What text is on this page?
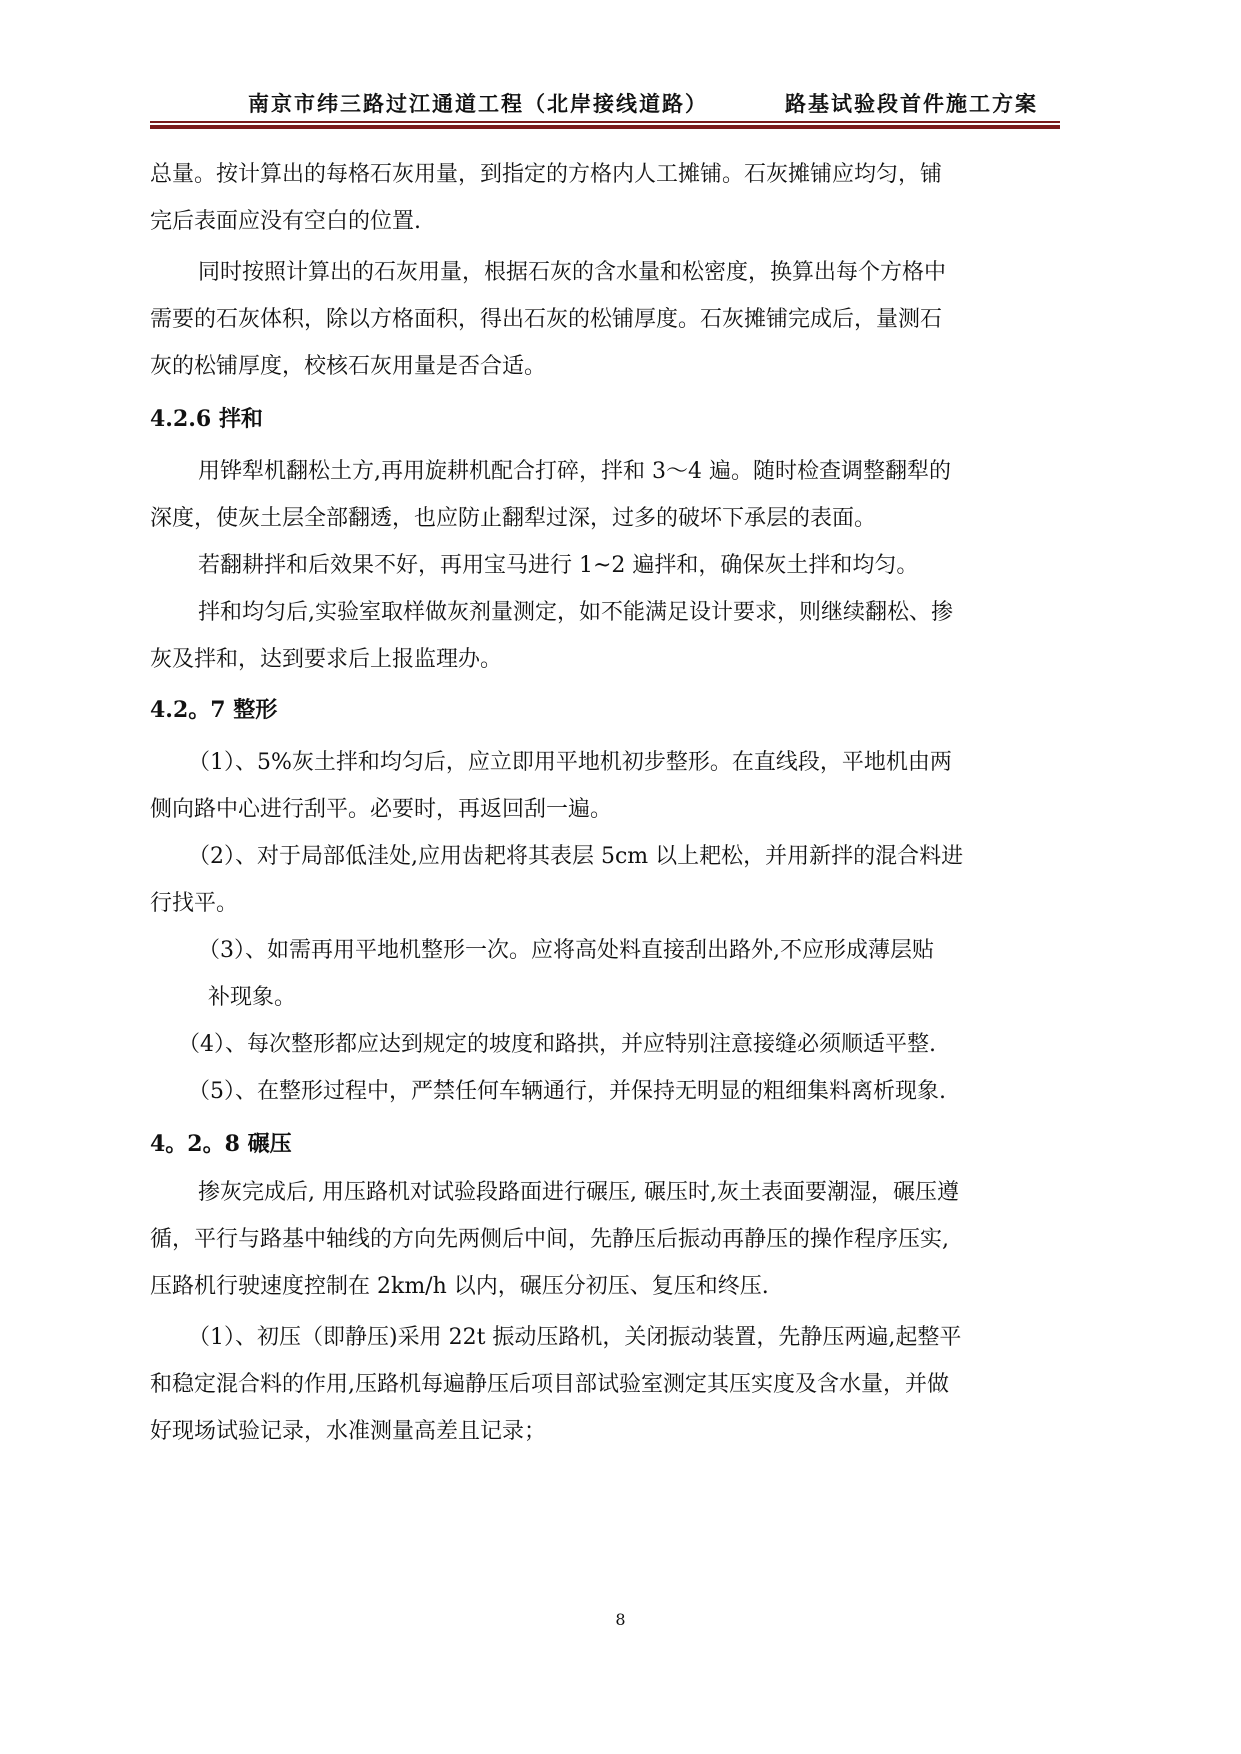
南京市纬三路过江通道工程（北岸接线道路）	路基试验段首件施工方案
总量。按计算出的每格石灰用量，到指定的方格内人工摊铺。石灰摊铺应均匀，铺
完后表面应没有空白的位置.
同时按照计算出的石灰用量，根据石灰的含水量和松密度，换算出每个方格中
需要的石灰体积，除以方格面积，得出石灰的松铺厚度。石灰摊铺完成后，量测石
灰的松铺厚度，校核石灰用量是否合适。
4.2.6 拌和
用铧犁机翻松土方,再用旋耕机配合打碎，拌和 3～4 遍。随时检查调整翻犁的
深度，使灰土层全部翻透，也应防止翻犁过深，过多的破坏下承层的表面。
若翻耕拌和后效果不好，再用宝马进行 1~2 遍拌和，确保灰土拌和均匀。
拌和均匀后,实验室取样做灰剂量测定，如不能满足设计要求，则继续翻松、掺
灰及拌和，达到要求后上报监理办。
4.2。7 整形
（1）、5%灰土拌和均匀后，应立即用平地机初步整形。在直线段，平地机由两
侧向路中心进行刮平。必要时，再返回刮一遍。
（2）、对于局部低洼处,应用齿耙将其表层 5cm 以上耙松，并用新拌的混合料进
行找平。
（3）、如需再用平地机整形一次。应将高处料直接刮出路外,不应形成薄层贴
补现象。
（4）、每次整形都应达到规定的坡度和路拱，并应特别注意接缝必须顺适平整.
（5）、在整形过程中，严禁任何车辆通行，并保持无明显的粗细集料离析现象.
4。2。8 碾压
掺灰完成后, 用压路机对试验段路面进行碾压, 碾压时,灰土表面要潮湿，碾压遵
循，平行与路基中轴线的方向先两侧后中间，先静压后振动再静压的操作程序压实,
压路机行驶速度控制在 2km/h 以内，碾压分初压、复压和终压.
（1）、初压（即静压)采用 22t 振动压路机，关闭振动装置，先静压两遍,起整平
和稳定混合料的作用,压路机每遍静压后项目部试验室测定其压实度及含水量，并做
好现场试验记录，水准测量高差且记录；
8
